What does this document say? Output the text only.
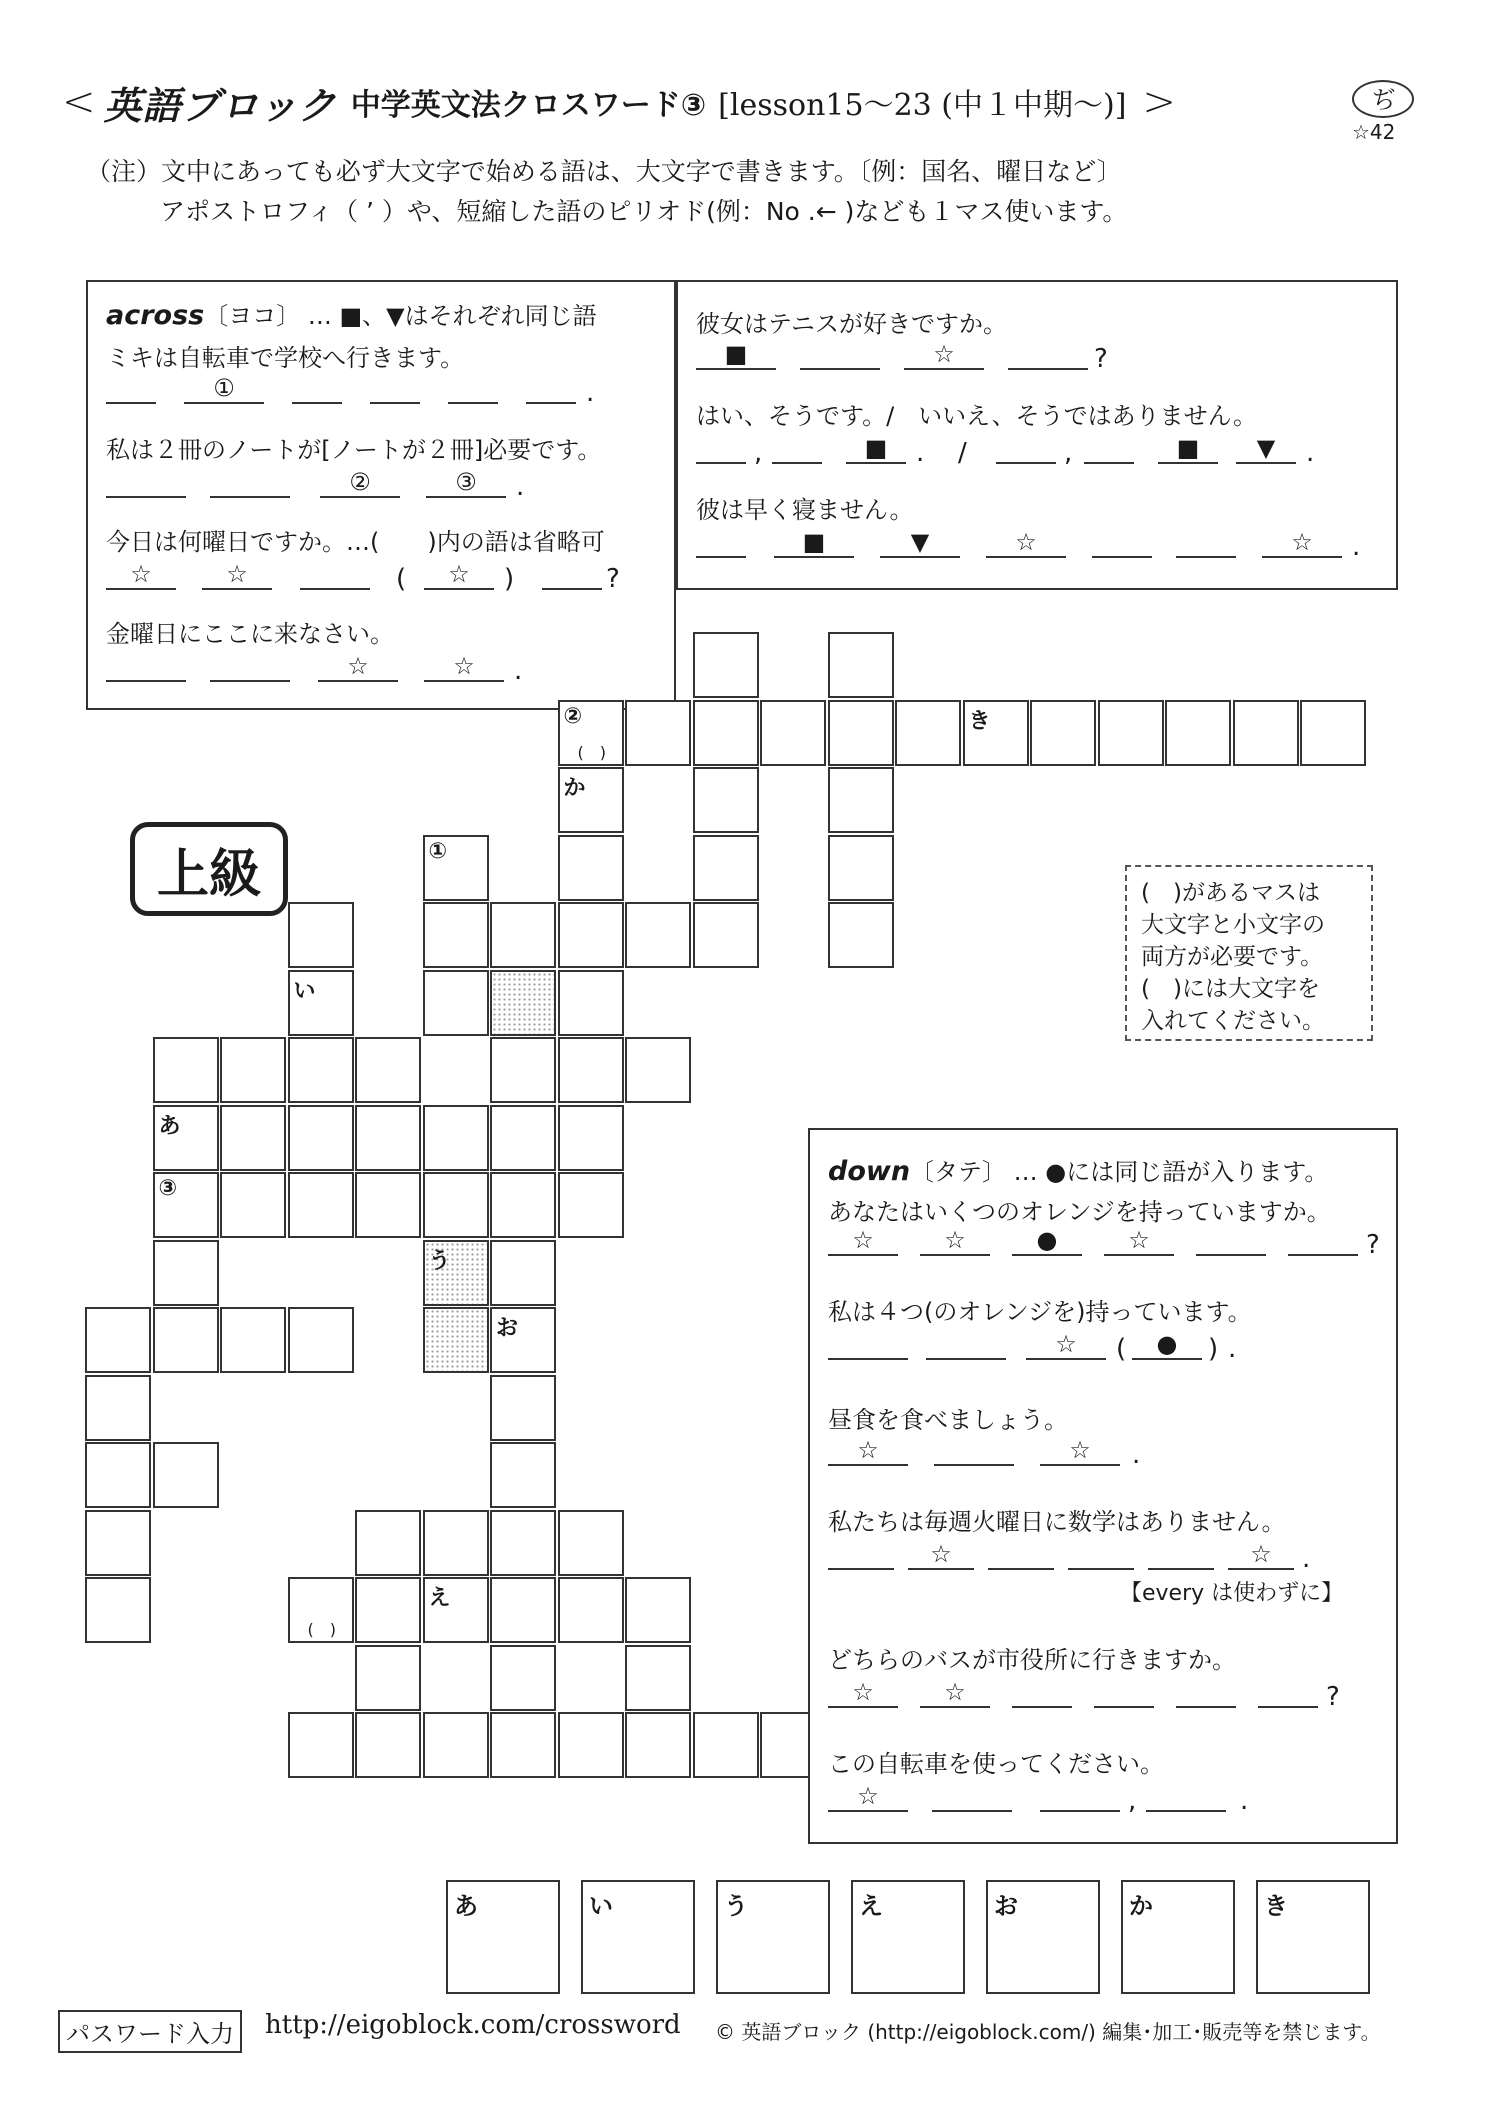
< 英語ブロック 中学英文法クロスワード③ [lesson15〜23 (中１中期〜)] >	ぢ
☆42
（注）文中にあっても必ず大文字で始める語は、大文字で書きます。〔例：国名、曜日など〕
アポストロフィ（ ’ ）や、短縮した語のピリオド(例：No .← )なども１マス使います。
across〔ヨコ〕 … ■、▼はそれぞれ同じ語
ミキは自転車で学校へ行きます。
①	.
私は２冊のノートが[ノートが２冊]必要です。
②	③	.
今日は何曜日ですか。…(　　)内の語は省略可
☆	☆	(	☆	)	?
金曜日にここに来なさい。
☆	☆	.
彼女はテニスが好きですか。
■	☆	?
はい、そうです。/　いいえ、そうではありません。
,	■	. /	,	■	▼	.
彼は早く寝ません。
■	▼	☆	☆	.
上級	(　)があるマスは
大文字と小文字の
両方が必要です。
(　)には大文字を
入れてください。
②
(　)
き
か
①
い
あ
③
う
お
(　)
え
down〔タテ〕 … ●には同じ語が入ります。
あなたはいくつのオレンジを持っていますか。
☆	☆	●	☆	?
私は４つ(のオレンジを)持っています。
☆	(	●	) .
昼食を食べましょう。
☆	☆	.
私たちは毎週火曜日に数学はありません。
☆	☆	.
【every は使わずに】
どちらのバスが市役所に行きますか。
☆	☆	?
この自転車を使ってください。
☆	,	.
あ	い	う	え	お	か	き
パスワード入力	http://eigoblock.com/crossword © 英語ブロック (http://eigoblock.com/) 編集･加工･販売等を禁じます。
